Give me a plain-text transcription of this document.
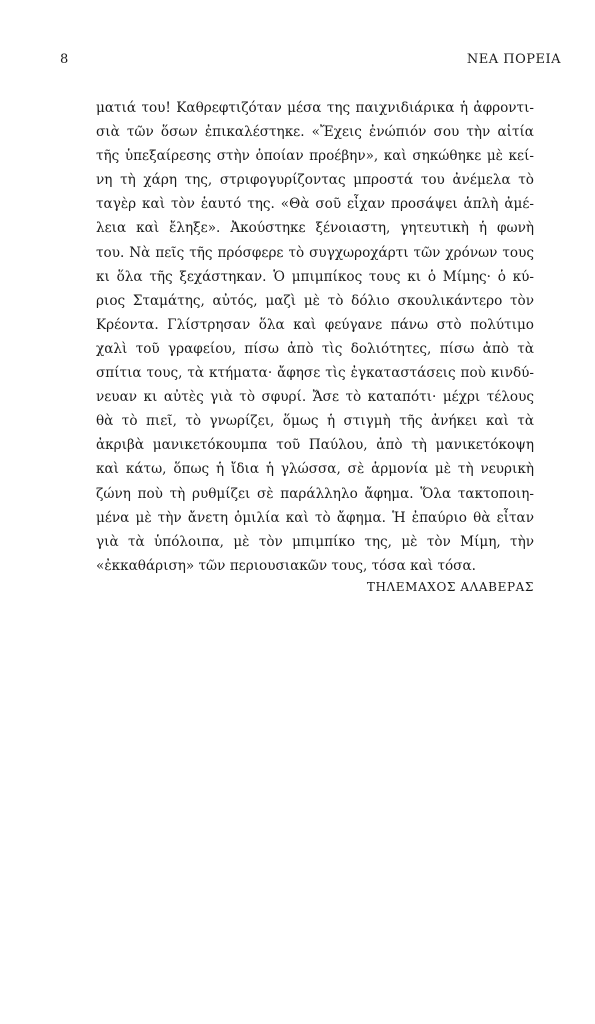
8	ΝΕΑ ΠΟΡΕΙΑ
ματιά του! Καθρεφτιζόταν μέσα της παιχνιδιάρικα ἡ ἀφροντι-
σιὰ τῶν ὅσων ἐπικαλέστηκε. «Ἔχεις ἐνώπιόν σου τὴν αἰτία
τῆς ὑπεξαίρεσης στὴν ὁποίαν προέβην», καὶ σηκώθηκε μὲ κεί-
νη τὴ χάρη της, στριφογυρίζοντας μπροστά του ἀνέμελα τὸ
ταγὲρ καὶ τὸν ἑαυτό της. «Θὰ σοῦ εἶχαν προσάψει ἁπλὴ ἀμέ-
λεια καὶ ἔληξε». Ἀκούστηκε ξένοιαστη, γητευτικὴ ἡ φωνὴ
του. Νὰ πεῖς τῆς πρόσφερε τὸ συγχωροχάρτι τῶν χρόνων τους
κι ὅλα τῆς ξεχάστηκαν. Ὁ μπιμπίκος τους κι ὁ Μίμης· ὁ κύ-
ριος Σταμάτης, αὐτός, μαζὶ μὲ τὸ δόλιο σκουλικάντερο τὸν
Κρέοντα. Γλίστρησαν ὅλα καὶ φεύγανε πάνω στὸ πολύτιμο
χαλὶ τοῦ γραφείου, πίσω ἀπὸ τὶς δολιότητες, πίσω ἀπὸ τὰ
σπίτια τους, τὰ κτήματα· ἄφησε τὶς ἐγκαταστάσεις ποὺ κινδύ-
νευαν κι αὐτὲς γιὰ τὸ σφυρί. Ἄσε τὸ καταπότι· μέχρι τέλους
θὰ τὸ πιεῖ, τὸ γνωρίζει, ὅμως ἡ στιγμὴ τῆς ἀνήκει καὶ τὰ
ἀκριβὰ μανικετόκουμπα τοῦ Παύλου, ἀπὸ τὴ μανικετόκοψη
καὶ κάτω, ὅπως ἡ ἴδια ἡ γλώσσα, σὲ ἁρμονία μὲ τὴ νευρικὴ
ζώνη ποὺ τὴ ρυθμίζει σὲ παράλληλο ἄφημα. Ὅλα τακτοποιη-
μένα μὲ τὴν ἄνετη ὁμιλία καὶ τὸ ἄφημα. Ἡ ἐπαύριο θὰ εἶταν
γιὰ τὰ ὑπόλοιπα, μὲ τὸν μπιμπίκο της, μὲ τὸν Μίμη, τὴν
«ἐκκαθάριση» τῶν περιουσιακῶν τους, τόσα καὶ τόσα.
ΤΗΛΕΜΑΧΟΣ ΑΛΑΒΕΡΑΣ
